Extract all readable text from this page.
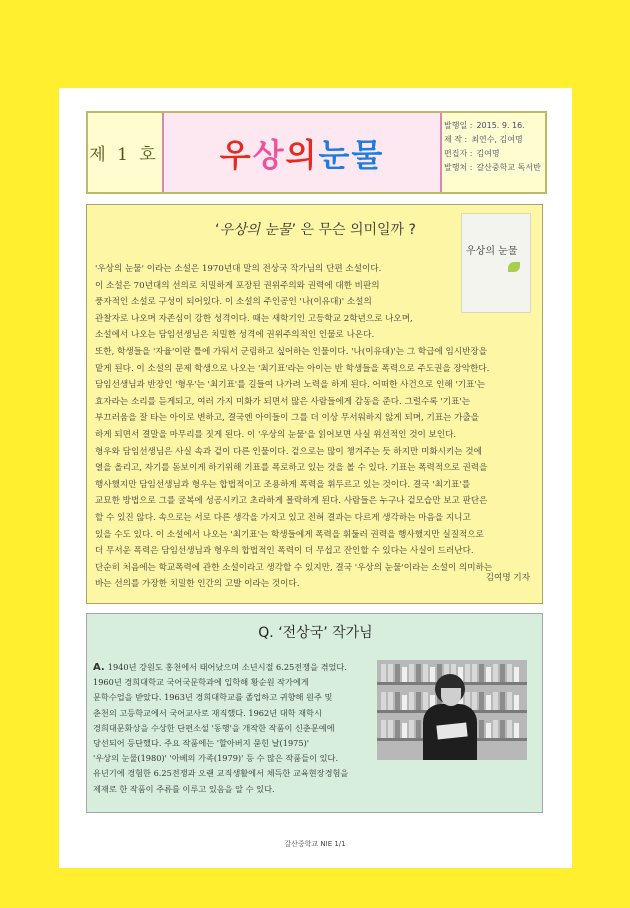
제 1 호 우 상 의 눈 물
발행일 : 2015. 9. 16.
제 작 : 최연수, 김여명
편집자 : 김여명
발행처 : 갈산중학교 독서반
‘우상의 눈물’ 은 무슨 의미일까 ?
우상의 눈물
'우상의 눈물' 이라는 소설은 1970년대 말의 전상국 작가님의 단편 소설이다.
이 소설은 70년대의 선의로 치밀하게 포장된 권위주의와 권력에 대한 비판의
풍자적인 소설로 구성이 되어있다. 이 소설의 주인공인 '나(이유대)' 소설의
관찰자로 나오며 자존심이 강한 성격이다. 때는 새학기인 고등학교 2학년으로 나오며,
소설에서 나오는 담임선생님은 치밀한 성격에 권위주의적인 인물로 나온다.
또한, 학생들을 '자율'이란 틀에 가둬서 군림하고 싶어하는 인물이다. '나(이유대)'는 그 학급에 임시반장을
맡게 된다. 이 소설의 문제 학생으로 나오는 '최기표'라는 아이는 반 학생들을 폭력으로 주도권을 장악한다.
담임선생님과 반장인 '형우'는 '최기표'를 길들여 나가려 노력을 하게 된다. 어떠한 사건으로 인해 '기표'는
효자라는 소리를 듣게되고, 여러 가지 미화가 되면서 많은 사람들에게 감동을 준다. 그럴수록 '기표'는
부끄러움을 잘 타는 아이로 변하고, 결국엔 아이들이 그를 더 이상 무서워하지 않게 되며, 기표는 가출을
하게 되면서 결말을 마무리를 짓게 된다. 이 '우상의 눈물'을 읽어보면 사실 위선적인 것이 보인다.
형우와 담임선생님은 사실 속과 겉이 다른 인물이다. 겉으로는 많이 챙겨주는 듯 하지만 미화시키는 것에
열을 올리고, 자기를 돋보이게 하기위해 기표를 폭로하고 있는 것을 볼 수 있다. 기표는 폭력적으로 권력을
행사했지만 담임선생님과 형우는 합법적이고 조용하게 폭력을 휘두르고 있는 것이다. 결국 '최기표'를
교묘한 방법으로 그를 굴복에 성공시키고 초라하게 몰락하게 된다. 사람들은 누구나 겉모습만 보고 판단은
할 수 있진 않다. 속으로는 서로 다른 생각을 가지고 있고 전혀 결과는 다르게 생각하는 마음을 지니고
있을 수도 있다. 이 소설에서 나오는 '최기표'는 학생들에게 폭력을 휘둘러 권력을 행사했지만 실질적으로
더 무서운 폭력은 담임선생님과 형우의 합법적인 폭력이 더 무섭고 잔인할 수 있다는 사실이 드러난다.
단순히 처음에는 학교폭력에 관한 소설이라고 생각할 수 있지만, 결국 '우상의 눈물'이라는 소설이 의미하는
바는 선의를 가장한 치밀한 인간의 고발 이라는 것이다.
김여명 기자
Q. ‘전상국’ 작가님
A. 1940년 강원도 홍천에서 태어났으며 소년시절 6.25전쟁을 겪었다.
1960년 경희대학교 국어국문학과에 입학해 황순원 작가에게
문학수업을 받았다. 1963년 경희대학교를 졸업하고 귀향해 원주 및
춘천의 고등학교에서 국어교사로 재직했다. 1962년 대학 재학시
경희대문화상을 수상한 단편소설 '동행'을 개작한 작품이 신춘문예에
당선되어 등단했다. 주요 작품에는 '할아버지 묻힌 날(1975)'
'우상의 눈물(1980)' '아베의 가족(1979)' 등 수 많은 작품들이 있다.
유년기에 경험한 6.25전쟁과 오랜 교직생활에서 체득한 교육현장경험을
제재로 한 작품이 주류를 이루고 있음을 알 수 있다.
갈산중학교 NIE 1/1
